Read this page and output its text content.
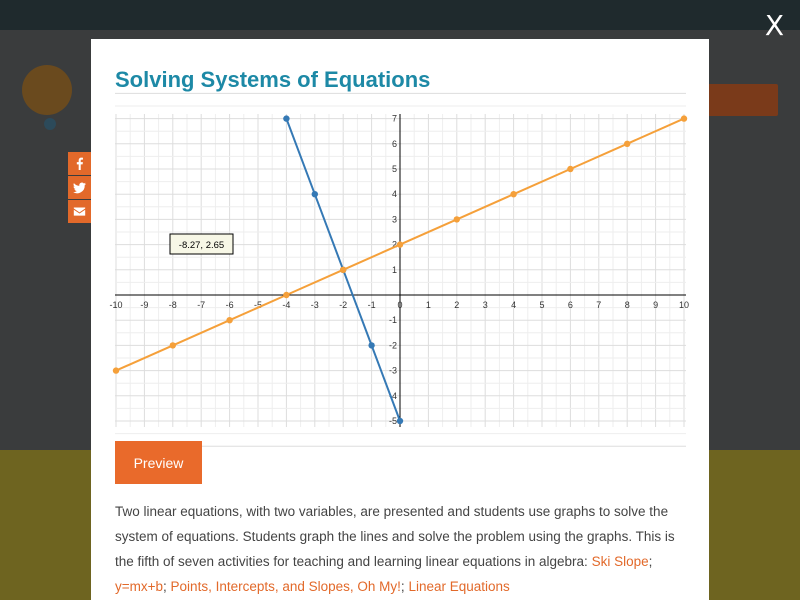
X
Solving Systems of Equations
-10 -9 -8 -7 -6 -5 -4 -3 -2 -1 0	1	2	3	4	5	6	7	8	9 10
-5
-4
-3
-2
-1
1
2
3
4
5
6
7
-8.27, 2.65
Preview

Two linear equations, with two variables, are presented and students use graphs to solve the system of equations. Students graph the lines and solve the problem using the graphs. This is the fifth of seven activities for teaching and learning linear equations in algebra: Ski Slope; y=mx+b; Points, Intercepts, and Slopes, Oh My!; Linear Equations
